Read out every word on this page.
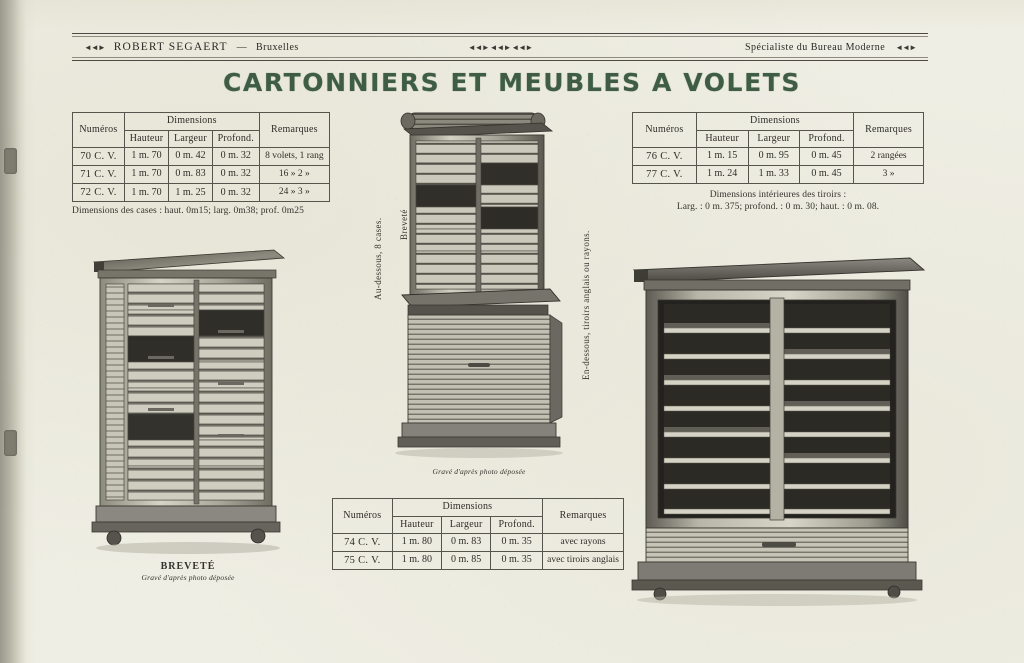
◄◄► ROBERT SEGAERT — Bruxelles	◄◄► ◄◄► ◄◄►	Spécialiste du Bureau Moderne ◄◄►
CARTONNIERS ET MEUBLES A VOLETS
Numéros	Dimensions			Remarques
	Hauteur	Largeur	Profond.	
70 C. V.	1 m. 70	0 m. 42	0 m. 32	8 volets, 1 rang
71 C. V.	1 m. 70	0 m. 83	0 m. 32	16 » 2 »
72 C. V.	1 m. 70	1 m. 25	0 m. 32	24 » 3 »
Dimensions des cases : haut. 0m15; larg. 0m38; prof. 0m25
Numéros	Dimensions			Remarques
	Hauteur	Largeur	Profond.	
76 C. V.	1 m. 15	0 m. 95	0 m. 45	2 rangées
77 C. V.	1 m. 24	1 m. 33	0 m. 45	3 »
Dimensions intérieures des tiroirs :
Larg. : 0 m. 375; profond. : 0 m. 30; haut. : 0 m. 08.
Numéros	Dimensions			Remarques
	Hauteur	Largeur	Profond.	
74 C. V.	1 m. 80	0 m. 83	0 m. 35	avec rayons
75 C. V.	1 m. 80	0 m. 85	0 m. 35	avec tiroirs anglais
BREVETÉ
Gravé d'après photo déposée
Gravé d'après photo déposée
Breveté
Au-dessous, 8 cases.	En-dessous, tiroirs anglais ou rayons.
